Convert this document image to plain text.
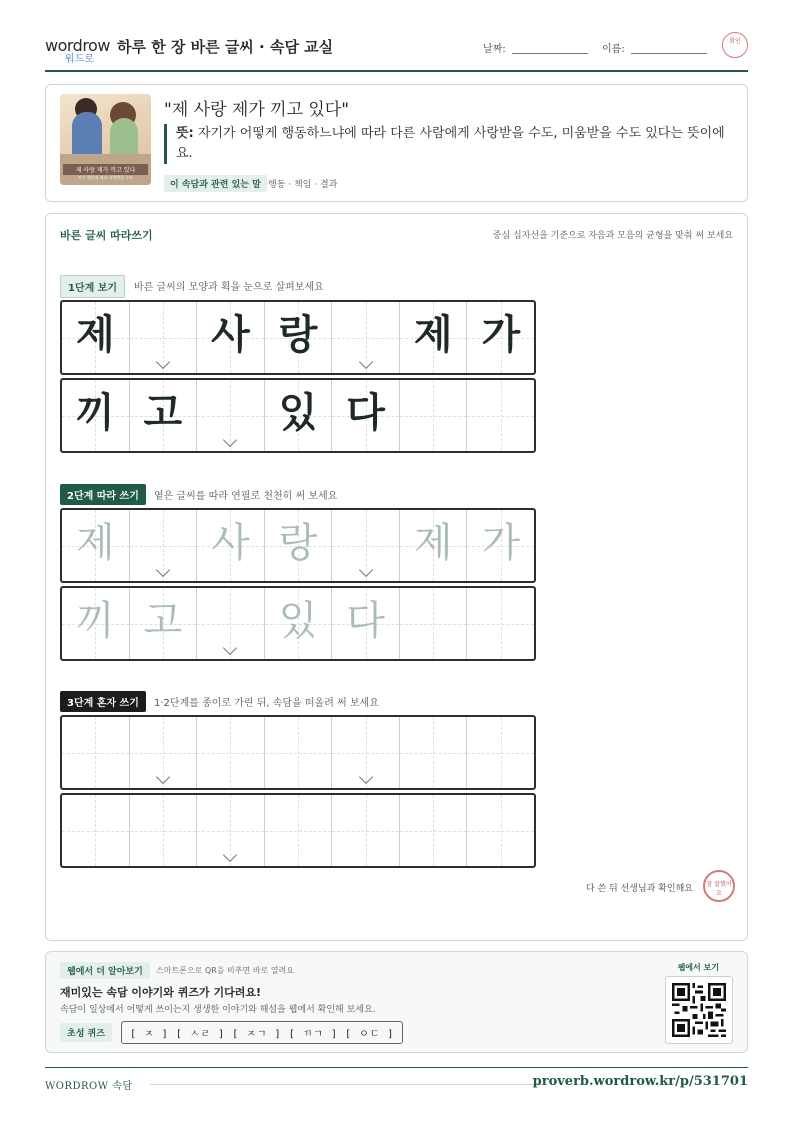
wordrow
워드로
하루 한 장 바른 글씨 · 속담 교실	날짜:	이름:
확인
제 사랑 제가 끼고 있다
자기 행동에 따라 사랑받을 수도
"제 사랑 제가 끼고 있다"
뜻: 자기가 어떻게 행동하느냐에 따라 다른 사람에게 사랑받을 수도, 미움받을 수도 있다는 뜻이에요.
이 속담과 관련 있는 말 행동 · 책임 · 결과
바른 글씨 따라쓰기	중심 십자선을 기준으로 자음과 모음의 균형을 맞춰 써 보세요
1단계 보기	바른 글씨의 모양과 획을 눈으로 살펴보세요
제	사 랑	제 가
끼 고	있 다
2단계 따라 쓰기	옅은 글씨를 따라 연필로 천천히 써 보세요
제	사 랑	제 가
끼 고	있 다
3단계 혼자 쓰기	1·2단계를 종이로 가린 뒤, 속담을 떠올려 써 보세요
다 쓴 뒤 선생님과 확인해요	참 잘했어요
웹에서 더 알아보기	스마트폰으로 QR을 비추면 바로 열려요
재미있는 속담 이야기와 퀴즈가 기다려요!
속담이 일상에서 어떻게 쓰이는지 생생한 이야기와 해설을 웹에서 확인해 보세요.
초성 퀴즈	[ ㅈ ] [ ㅅㄹ ] [ ㅈㄱ ] [ ㄲㄱ ] [ ㅇㄷ ]
웹에서 보기
WORDROW 속담	proverb.wordrow.kr/p/531701
